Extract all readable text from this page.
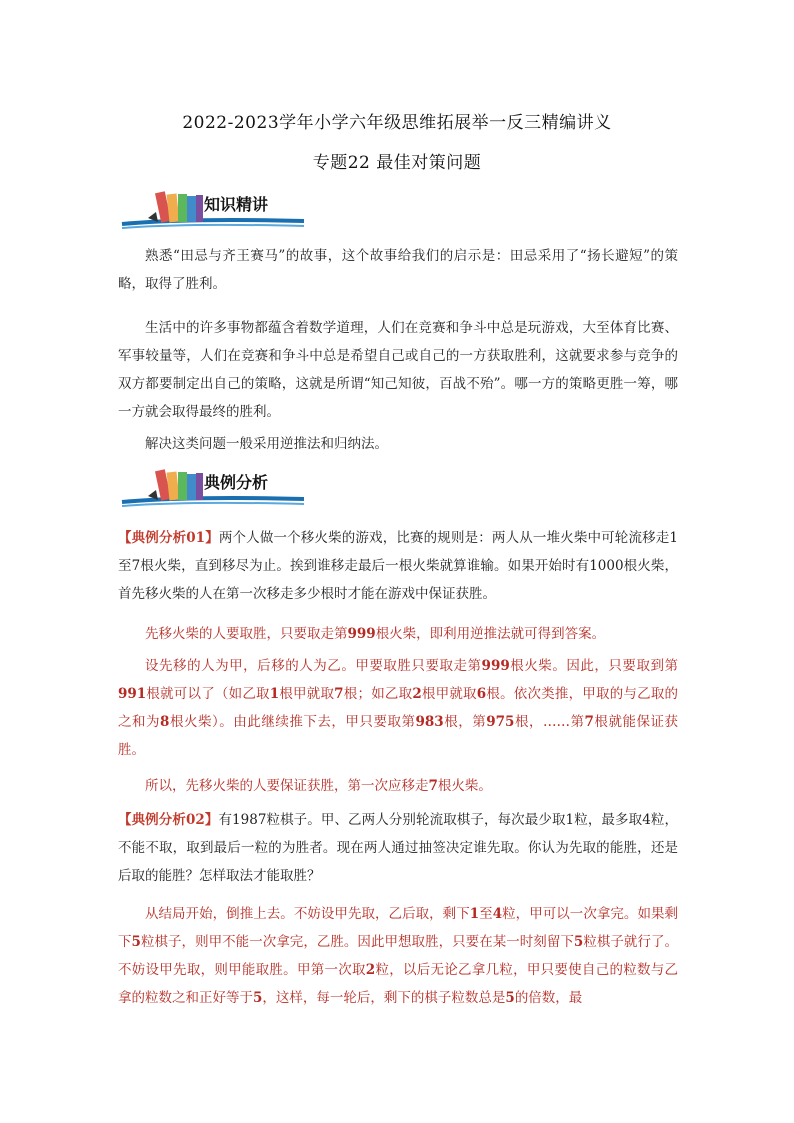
2022-2023学年小学六年级思维拓展举一反三精编讲义
专题22 最佳对策问题
知识精讲

熟悉“田忌与齐王赛马”的故事，这个故事给我们的启示是：田忌采用了“扬长避短”的策略，取得了胜利。

生活中的许多事物都蕴含着数学道理，人们在竞赛和争斗中总是玩游戏，大至体育比赛、军事较量等，人们在竞赛和争斗中总是希望自己或自己的一方获取胜利，这就要求参与竞争的双方都要制定出自己的策略，这就是所谓“知己知彼，百战不殆”。哪一方的策略更胜一筹，哪一方就会取得最终的胜利。

解决这类问题一般采用逆推法和归纳法。

典例分析

【典例分析01】两个人做一个移火柴的游戏，比赛的规则是：两人从一堆火柴中可轮流移走1至7根火柴，直到移尽为止。挨到谁移走最后一根火柴就算谁输。如果开始时有1000根火柴，首先移火柴的人在第一次移走多少根时才能在游戏中保证获胜。

先移火柴的人要取胜，只要取走第999根火柴，即利用逆推法就可得到答案。

设先移的人为甲，后移的人为乙。甲要取胜只要取走第999根火柴。因此，只要取到第991根就可以了（如乙取1根甲就取7根；如乙取2根甲就取6根。依次类推，甲取的与乙取的之和为8根火柴）。由此继续推下去，甲只要取第983根，第975根，……第7根就能保证获胜。

所以，先移火柴的人要保证获胜，第一次应移走7根火柴。

【典例分析02】有1987粒棋子。甲、乙两人分别轮流取棋子，每次最少取1粒，最多取4粒，不能不取，取到最后一粒的为胜者。现在两人通过抽签决定谁先取。你认为先取的能胜，还是后取的能胜？怎样取法才能取胜？

从结局开始，倒推上去。不妨设甲先取，乙后取，剩下1至4粒，甲可以一次拿完。如果剩下5粒棋子，则甲不能一次拿完，乙胜。因此甲想取胜，只要在某一时刻留下5粒棋子就行了。不妨设甲先取，则甲能取胜。甲第一次取2粒，以后无论乙拿几粒，甲只要使自己的粒数与乙拿的粒数之和正好等于5，这样，每一轮后，剩下的棋子粒数总是5的倍数，最
